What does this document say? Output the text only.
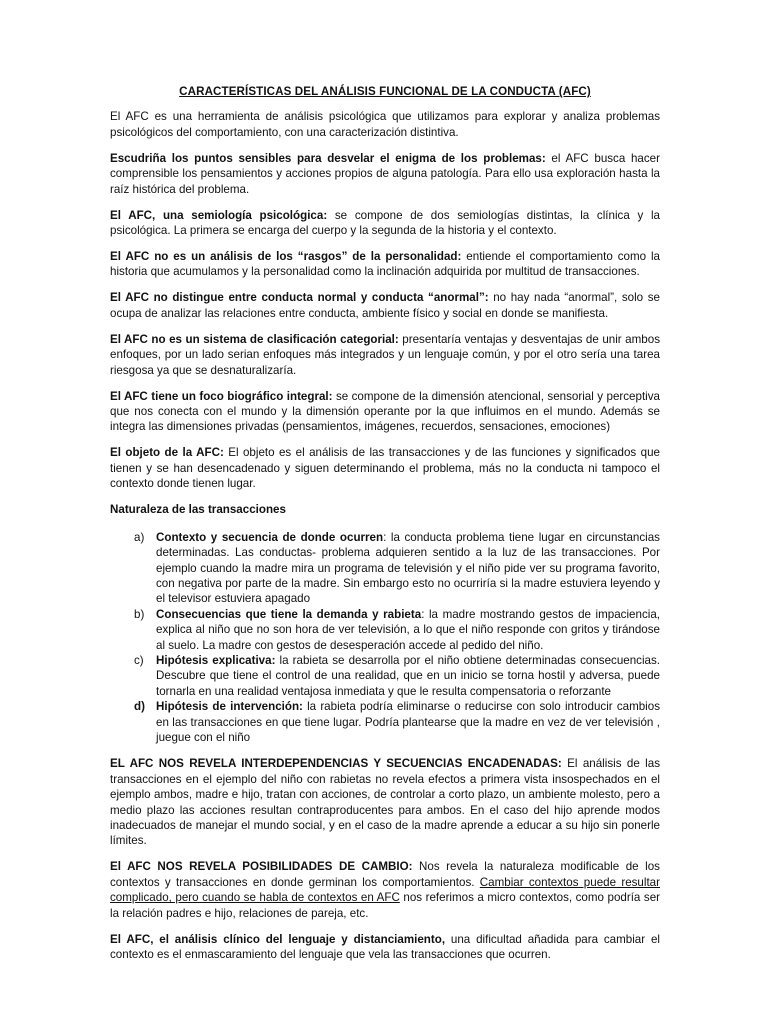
CARACTERÍSTICAS DEL ANÁLISIS FUNCIONAL DE LA CONDUCTA (AFC)

El AFC es una herramienta de análisis psicológica que utilizamos para explorar y analiza problemas psicológicos del comportamiento, con una caracterización distintiva.

Escudriña los puntos sensibles para desvelar el enigma de los problemas: el AFC busca hacer comprensible los pensamientos y acciones propios de alguna patología. Para ello usa exploración hasta la raíz histórica del problema.

El AFC, una semiología psicológica: se compone de dos semiologías distintas, la clínica y la psicológica. La primera se encarga del cuerpo y la segunda de la historia y el contexto.

El AFC no es un análisis de los “rasgos” de la personalidad: entiende el comportamiento como la historia que acumulamos y la personalidad como la inclinación adquirida por multitud de transacciones.

El AFC no distingue entre conducta normal y conducta “anormal”: no hay nada “anormal”, solo se ocupa de analizar las relaciones entre conducta, ambiente físico y social en donde se manifiesta.

El AFC no es un sistema de clasificación categorial: presentaría ventajas y desventajas de unir ambos enfoques, por un lado serian enfoques más integrados y un lenguaje común, y por el otro sería una tarea riesgosa ya que se desnaturalizaría.

El AFC tiene un foco biográfico integral: se compone de la dimensión atencional, sensorial y perceptiva que nos conecta con el mundo y la dimensión operante por la que influimos en el mundo. Además se integra las dimensiones privadas (pensamientos, imágenes, recuerdos, sensaciones, emociones)

El objeto de la AFC: El objeto es el análisis de las transacciones y de las funciones y significados que tienen y se han desencadenado y siguen determinando el problema, más no la conducta ni tampoco el contexto donde tienen lugar.

Naturaleza de las transacciones
a) Contexto y secuencia de donde ocurren: la conducta problema tiene lugar en circunstancias determinadas. Las conductas- problema adquieren sentido a la luz de las transacciones. Por ejemplo cuando la madre mira un programa de televisión y el niño pide ver su programa favorito, con negativa por parte de la madre. Sin embargo esto no ocurriría si la madre estuviera leyendo y el televisor estuviera apagado
b) Consecuencias que tiene la demanda y rabieta: la madre mostrando gestos de impaciencia, explica al niño que no son hora de ver televisión, a lo que el niño responde con gritos y tirándose al suelo. La madre con gestos de desesperación accede al pedido del niño.
c) Hipótesis explicativa: la rabieta se desarrolla por el niño obtiene determinadas consecuencias. Descubre que tiene el control de una realidad, que en un inicio se torna hostil y adversa, puede tornarla en una realidad ventajosa inmediata y que le resulta compensatoria o reforzante
d) Hipótesis de intervención: la rabieta podría eliminarse o reducirse con solo introducir cambios en las transacciones en que tiene lugar. Podría plantearse que la madre en vez de ver televisión , juegue con el niño

EL AFC NOS REVELA INTERDEPENDENCIAS Y SECUENCIAS ENCADENADAS: El análisis de las transacciones en el ejemplo del niño con rabietas no revela efectos a primera vista insospechados en el ejemplo ambos, madre e hijo, tratan con acciones, de controlar a corto plazo, un ambiente molesto, pero a medio plazo las acciones resultan contraproducentes para ambos. En el caso del hijo aprende modos inadecuados de manejar el mundo social, y en el caso de la madre aprende a educar a su hijo sin ponerle límites.

El AFC NOS REVELA POSIBILIDADES DE CAMBIO: Nos revela la naturaleza modificable de los contextos y transacciones en donde germinan los comportamientos. Cambiar contextos puede resultar complicado, pero cuando se habla de contextos en AFC nos referimos a micro contextos, como podría ser la relación padres e hijo, relaciones de pareja, etc.

El AFC, el análisis clínico del lenguaje y distanciamiento, una dificultad añadida para cambiar el contexto es el enmascaramiento del lenguaje que vela las transacciones que ocurren.
